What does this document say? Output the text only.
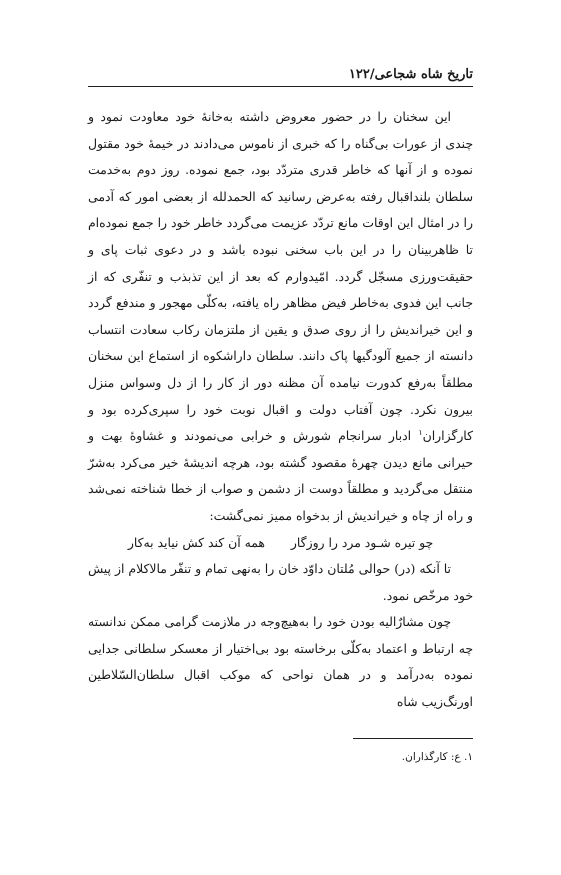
تاریخ شاه شجاعی/۱۲۲

این سخنان را در حضور معروض داشته به‌خانهٔ خود معاودت نمود و چندی از عورات بی‌گناه را که خبری از ناموس می‌دادند در خیمهٔ خود مقتول نموده و از آنها که خاطر قدری متردّد بود، جمع نموده. روز دوم به‌خدمت سلطان بلنداقبال رفته به‌عرض رسانید که الحمدلله از بعضی امور که آدمی را در امثال این اوقات مانع تردّد عزیمت می‌گردد خاطر خود را جمع نموده‌ام تا ظاهربینان را در این باب سخنی نبوده باشد و در دعوی ثبات پای و حقیقت‌ورزی مسجّل گردد. امّیدوارم که بعد از این تذبذب و تنفّری که از جانب این فدوی به‌خاطر فیض مظاهر راه یافته، به‌کلّی مهجور و مندفع گردد و این خیراندیش را از روی صدق و یقین از ملتزمان رکاب سعادت انتساب دانسته از جمیع آلودگیها پاک دانند. سلطان داراشکوه از استماع این سخنان مطلقاً به‌رفع کدورت نیامده آن مظنه دور از کار را از دل وسواس منزل بیرون نکرد. چون آفتاب دولت و اقبال نوبت خود را سپری‌کرده بود و کارگزاران$^۱$ ادبار سرانجام شورش و خرابی می‌نمودند و غشاوهٔ بهت و حیرانی مانع دیدن چهرهٔ مقصود گشته بود، هرچه اندیشهٔ خیر می‌کرد به‌شرّ منتقل می‌گردید و مطلقاً دوست از دشمن و صواب از خطا شناخته نمی‌شد و راه از چاه و خیراندیش از بدخواه ممیز نمی‌گشت:

چو تیره شـود مرد را روزگار
همه آن کند کش نیاید به‌کار

تا آنکه (در) حوالی مُلتان داوّد خان را به‌نهی تمام و تنفّر مالاکلام از پیش خود مرخّص نمود.

چون مشارٌالیه بودن خود را به‌هیچ‌وجه در ملازمت گرامی ممکن ندانسته چه ارتباط و اعتماد به‌کلّی برخاسته بود بی‌اختیار از معسکر سلطانی جدایی نموده به‌درآمد و در همان نواحی که موکب اقبال سلطان‌السّلاطین اورنگ‌زیب شاه

۱. ع: کارگذاران.
